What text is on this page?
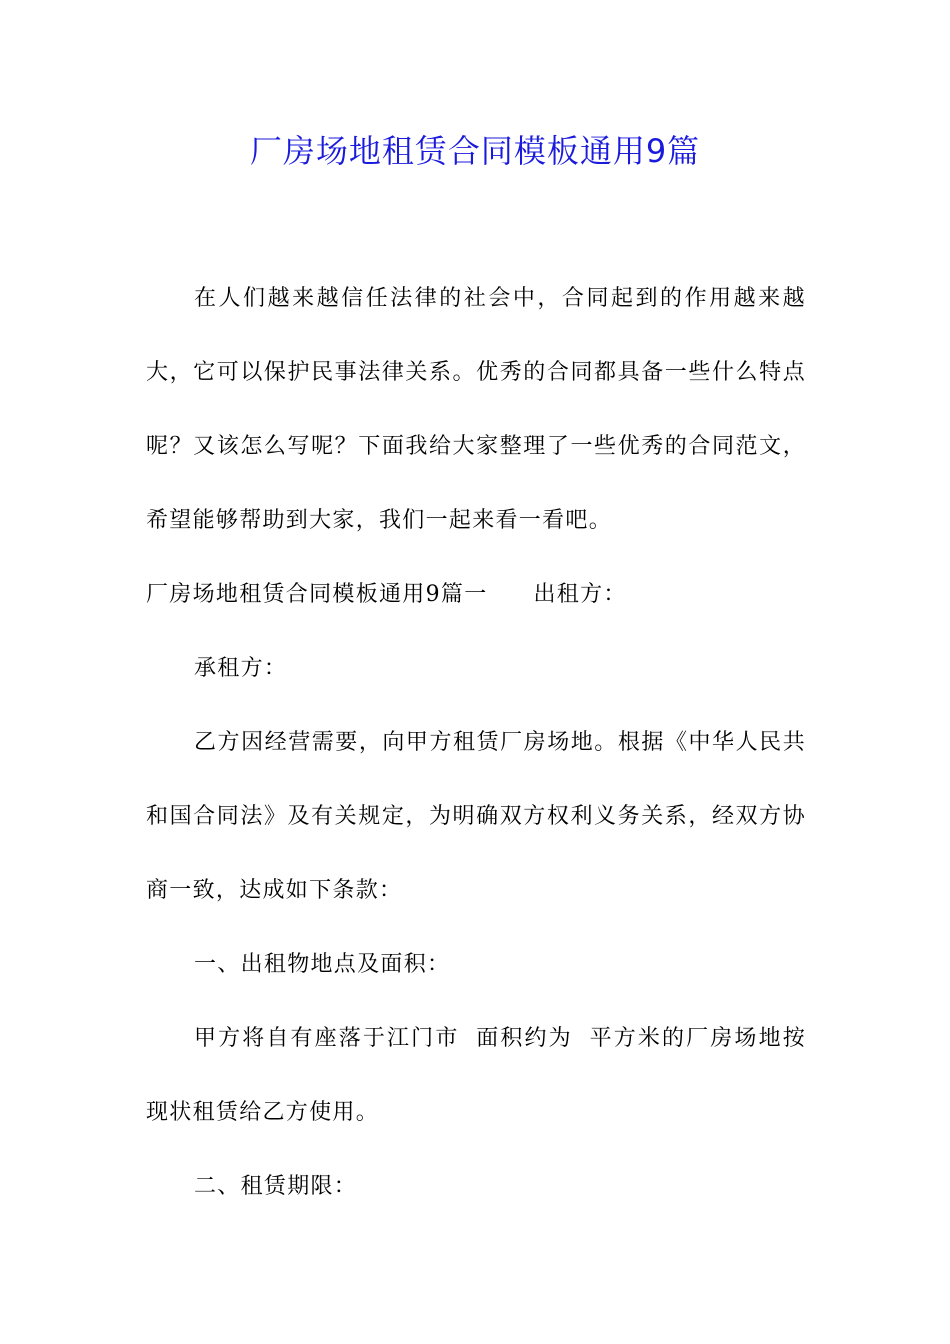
厂房场地租赁合同模板通用9篇

在人们越来越信任法律的社会中，合同起到的作用越来越大，它可以保护民事法律关系。优秀的合同都具备一些什么特点呢？又该怎么写呢？下面我给大家整理了一些优秀的合同范文，希望能够帮助到大家，我们一起来看一看吧。

厂房场地租赁合同模板通用9篇一 出租方：

承租方：

乙方因经营需要，向甲方租赁厂房场地。根据《中华人民共和国合同法》及有关规定，为明确双方权利义务关系，经双方协商一致，达成如下条款：

一、出租物地点及面积：

甲方将自有座落于江门市 面积约为 平方米的厂房场地按现状租赁给乙方使用。

二、租赁期限：
